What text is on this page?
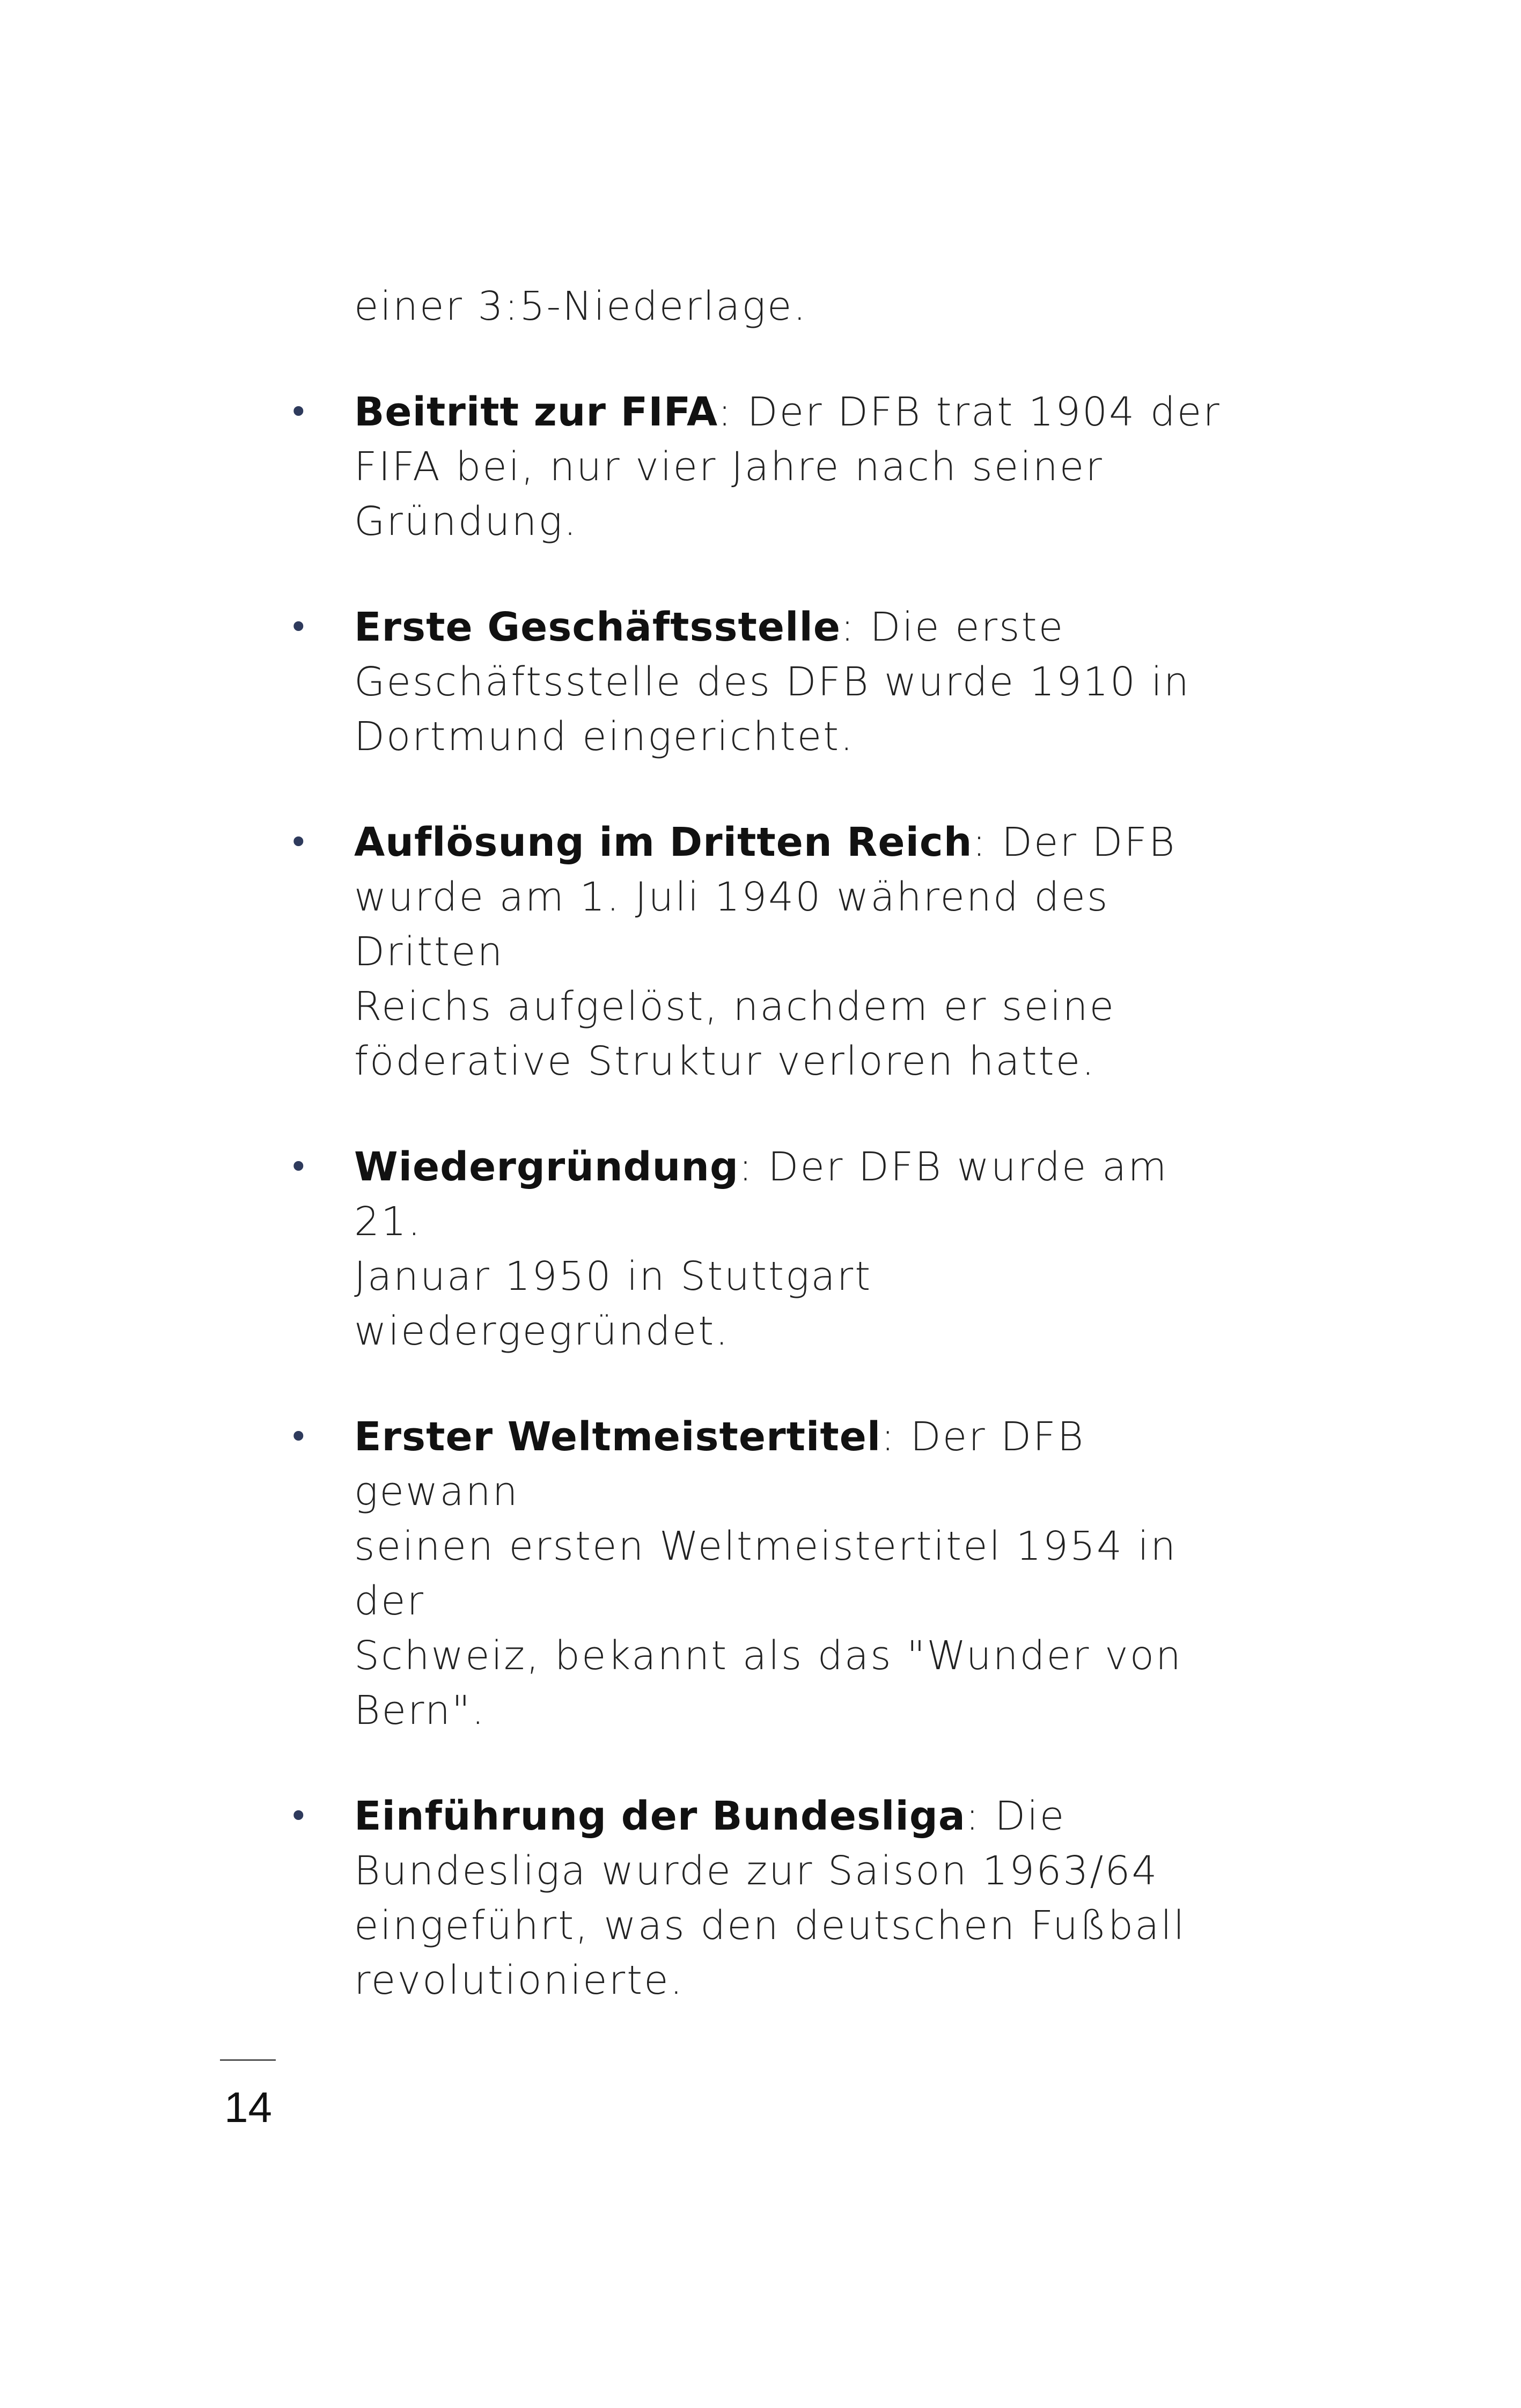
einer 3:5-Niederlage.

• Beitritt zur FIFA: Der DFB trat 1904 der

FIFA bei, nur vier Jahre nach seiner

Gründung.

• Erste Geschäftsstelle: Die erste

Geschäftsstelle des DFB wurde 1910 in

Dortmund eingerichtet.

• Auflösung im Dritten Reich: Der DFB

wurde am 1. Juli 1940 während des Dritten

Reichs aufgelöst, nachdem er seine

föderative Struktur verloren hatte.

• Wiedergründung: Der DFB wurde am 21.

Januar 1950 in Stuttgart wiedergegründet.

• Erster Weltmeistertitel: Der DFB gewann

seinen ersten Weltmeistertitel 1954 in der

Schweiz, bekannt als das "Wunder von

Bern".

• Einführung der Bundesliga: Die

Bundesliga wurde zur Saison 1963/64

eingeführt, was den deutschen Fußball

revolutionierte.

14
